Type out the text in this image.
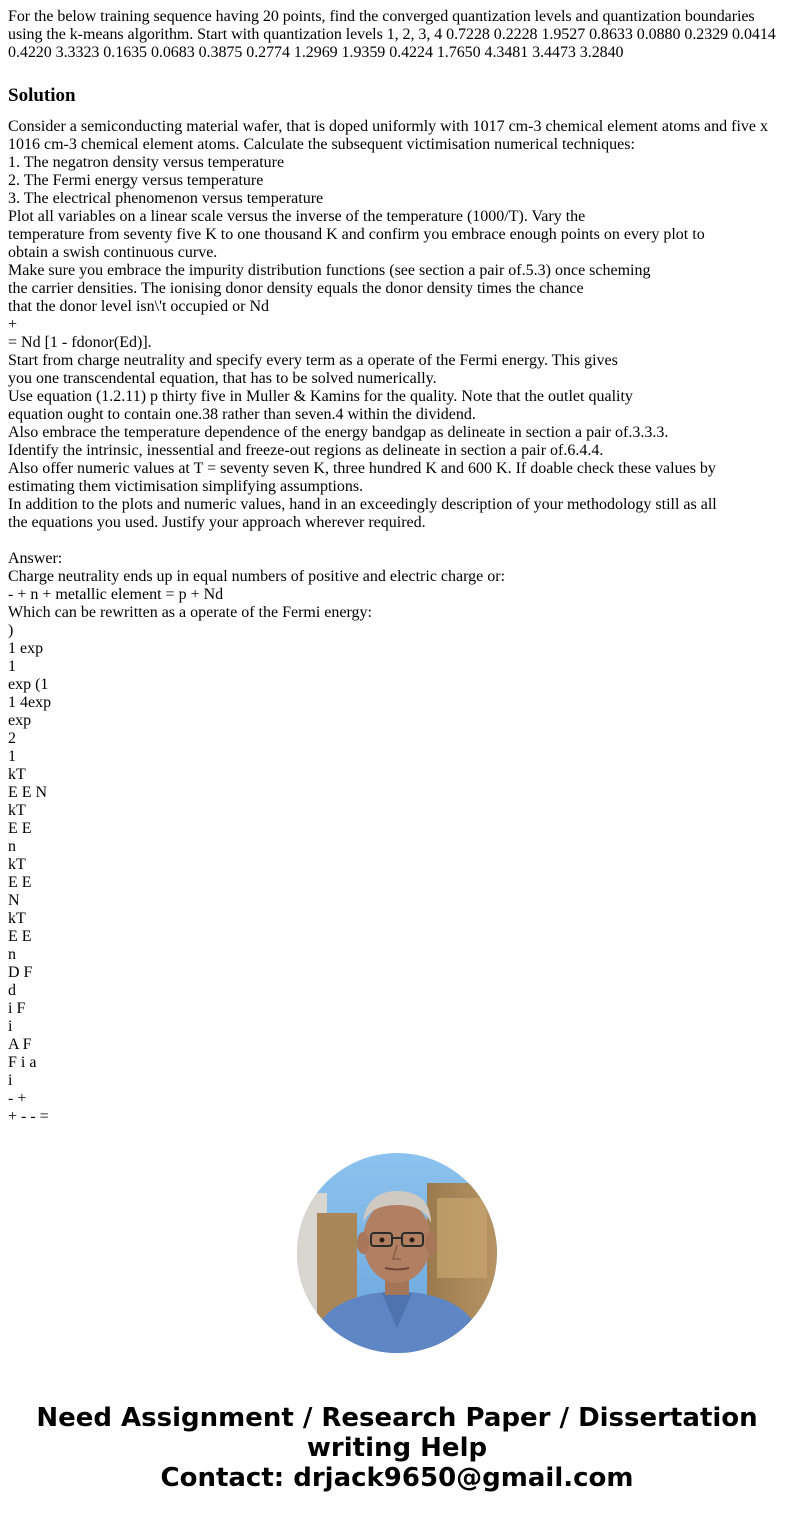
For the below training sequence having 20 points, find the converged quantization levels and quantization boundaries using the k-means algorithm. Start with quantization levels 1, 2, 3, 4 0.7228 0.2228 1.9527 0.8633 0.0880 0.2329 0.0414 0.4220 3.3323 0.1635 0.0683 0.3875 0.2774 1.2969 1.9359 0.4224 1.7650 4.3481 3.4473 3.2840

Solution
Consider a semiconducting material wafer, that is doped uniformly with 1017 cm-3 chemical element atoms and five x
1016 cm-3 chemical element atoms. Calculate the subsequent victimisation numerical techniques:
1. The negatron density versus temperature
2. The Fermi energy versus temperature
3. The electrical phenomenon versus temperature
Plot all variables on a linear scale versus the inverse of the temperature (1000/T). Vary the
temperature from seventy five K to one thousand K and confirm you embrace enough points on every plot to
obtain a swish continuous curve.
Make sure you embrace the impurity distribution functions (see section a pair of.5.3) once scheming
the carrier densities. The ionising donor density equals the donor density times the chance
that the donor level isn\'t occupied or Nd
+
= Nd [1 - fdonor(Ed)].
Start from charge neutrality and specify every term as a operate of the Fermi energy. This gives
you one transcendental equation, that has to be solved numerically.
Use equation (1.2.11) p thirty five in Muller & Kamins for the quality. Note that the outlet quality
equation ought to contain one.38 rather than seven.4 within the dividend.
Also embrace the temperature dependence of the energy bandgap as delineate in section a pair of.3.3.3.
Identify the intrinsic, inessential and freeze-out regions as delineate in section a pair of.6.4.4.
Also offer numeric values at T = seventy seven K, three hundred K and 600 K. If doable check these values by
estimating them victimisation simplifying assumptions.
In addition to the plots and numeric values, hand in an exceedingly description of your methodology still as all
the equations you used. Justify your approach wherever required.
Answer:
Charge neutrality ends up in equal numbers of positive and electric charge or:
- + n + metallic element = p + Nd
Which can be rewritten as a operate of the Fermi energy:
)
1 exp
1
exp (1
1 4exp
exp
2
1
kT
E E N
kT
E E
n
kT
E E
N
kT
E E
n
D F
d
i F
i
A F
F i a
i
- +
+ - - =
Need Assignment / Research Paper / Dissertation
writing Help
Contact: drjack9650@gmail.com
